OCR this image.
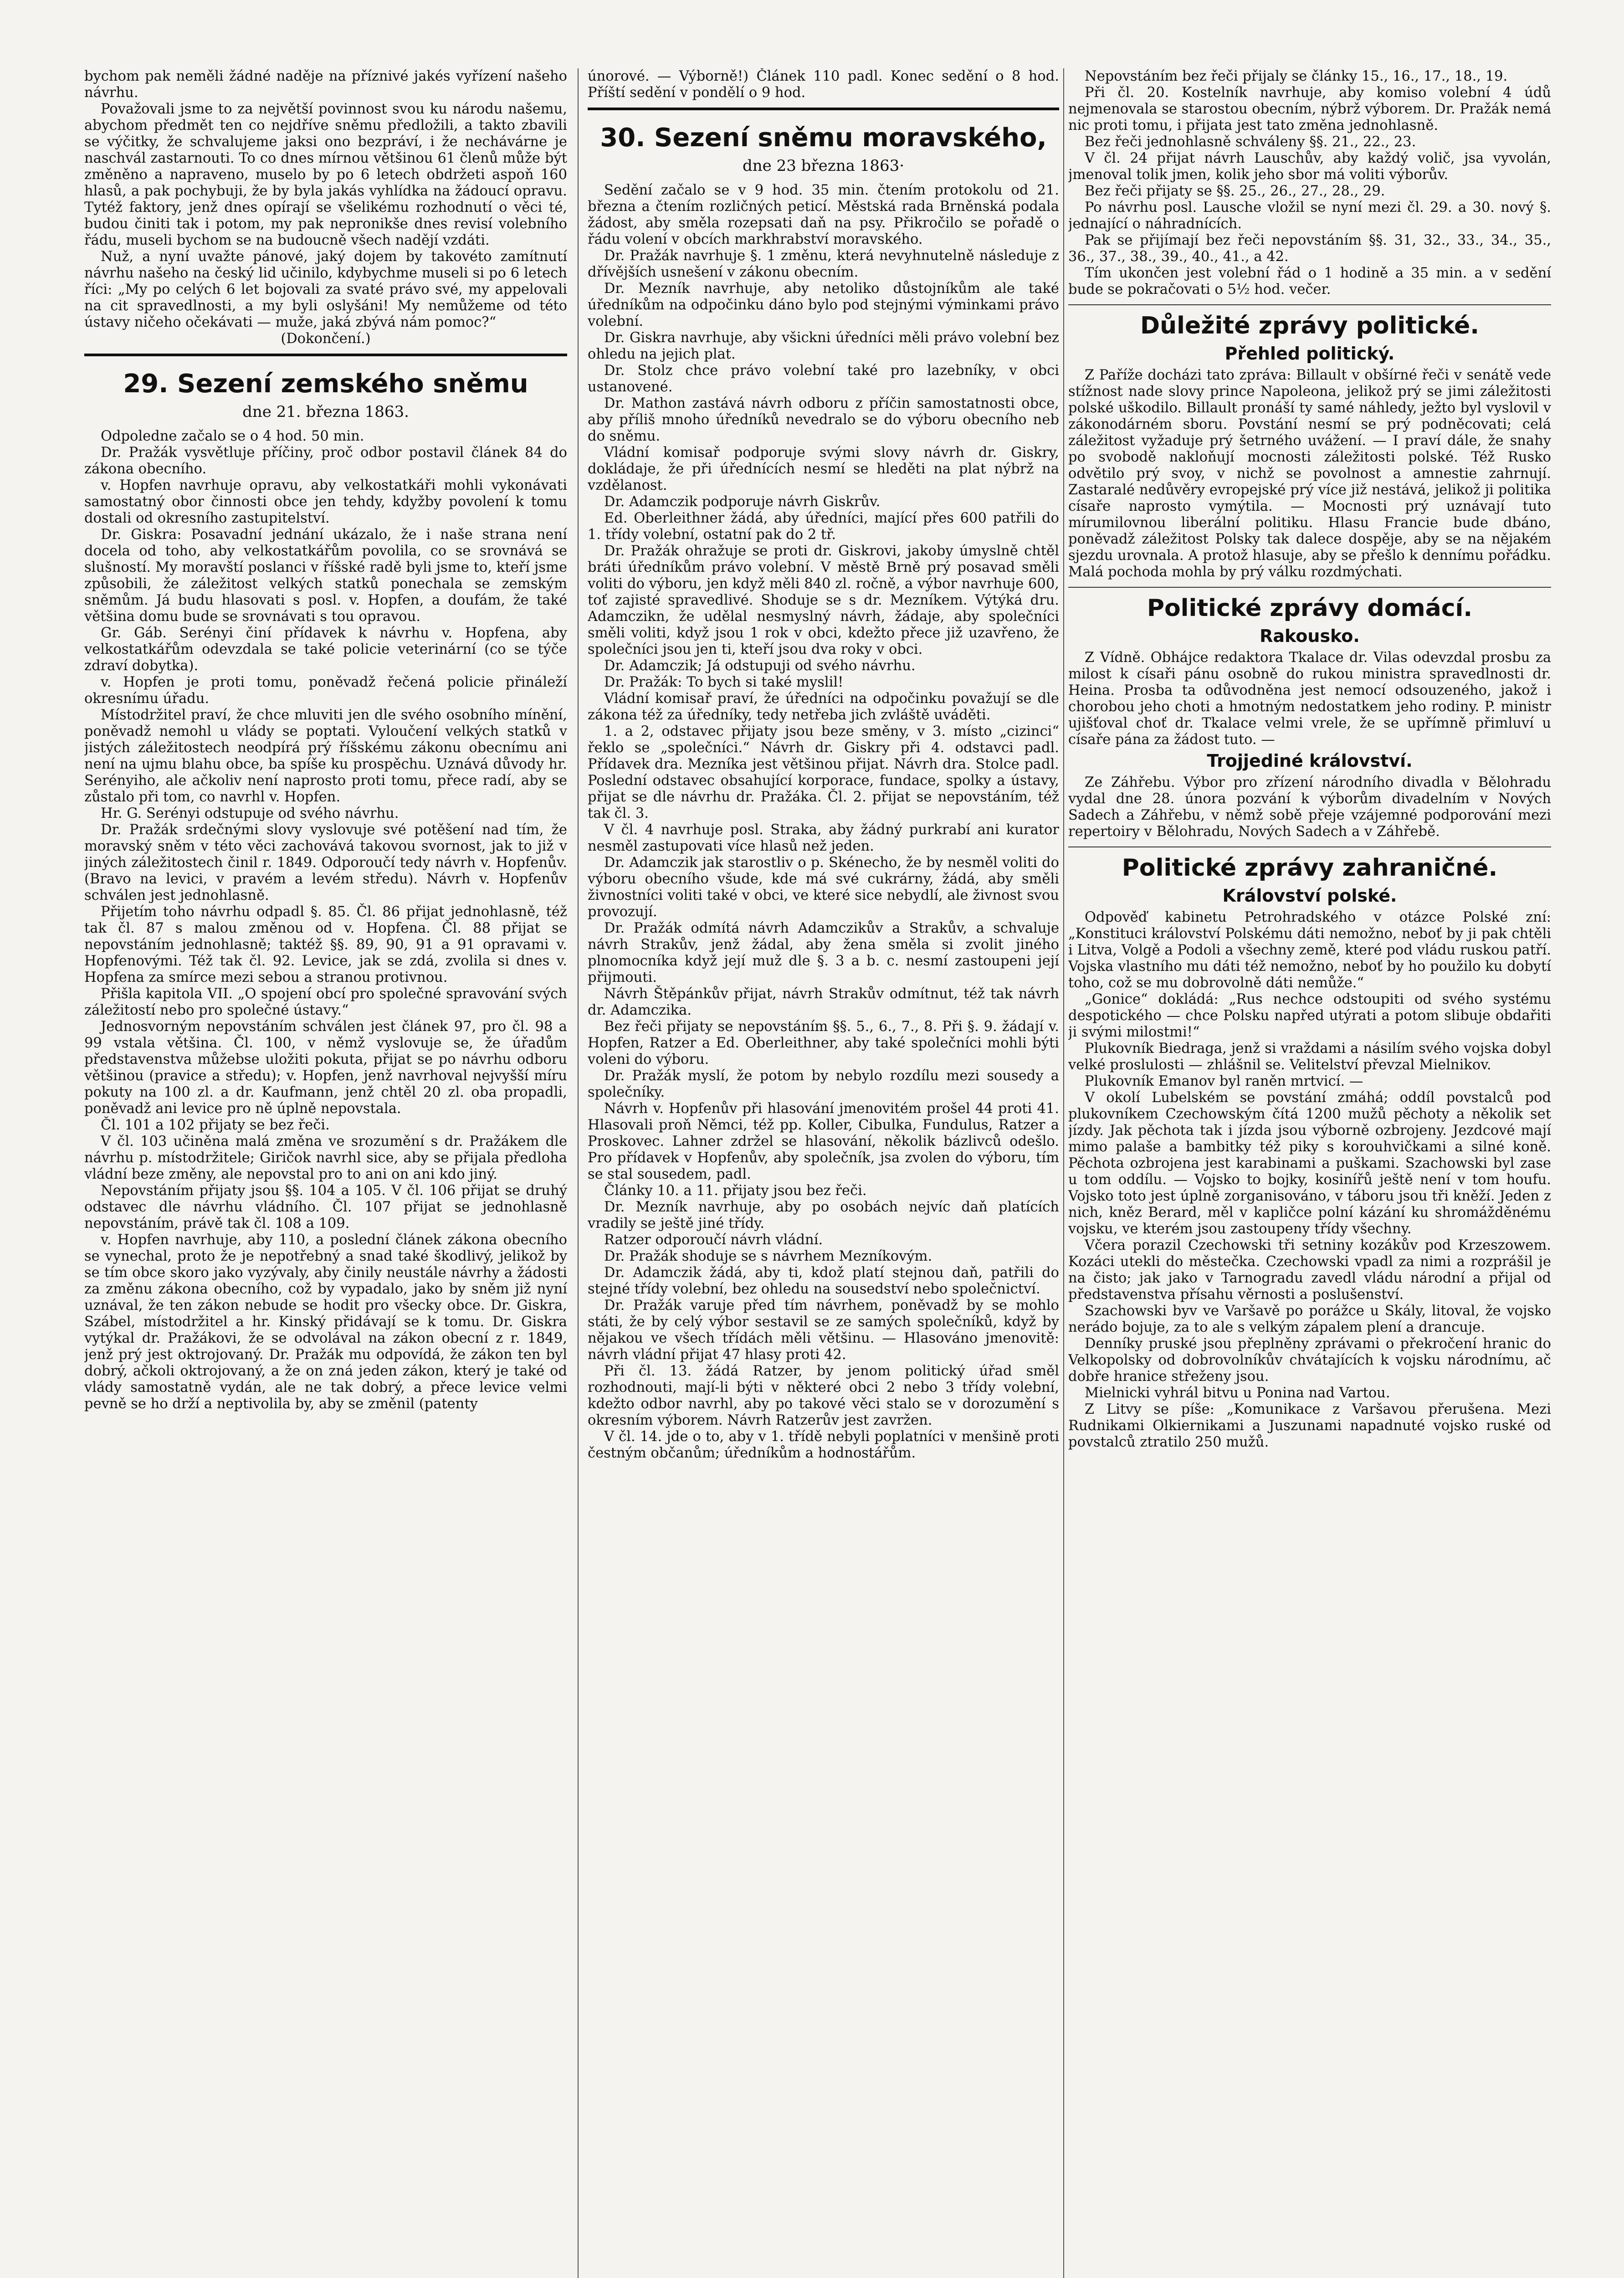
bychom pak neměli žádné naděje na příznivé jakés vyřízení našeho návrhu.

Považovali jsme to za největší povinnost svou ku národu našemu, abychom předmět ten co nejdříve sněmu předložili, a takto zbavili se výčitky, že schvalujeme jaksi ono bezpráví, i že nechávárne je naschvál zastarnouti. To co dnes mírnou většinou 61 členů může být změněno a napraveno, muselo by po 6 letech obdržeti aspoň 160 hlasů, a pak pochybuji, že by byla jakás vyhlídka na žádoucí opravu. Tytéž faktory, jenž dnes opírají se všelikému rozhodnutí o věci té, budou činiti tak i potom, my pak nepronikše dnes revisí volebního řádu, museli bychom se na budoucně všech nadějí vzdáti.

Nuž, a nyní uvažte pánové, jaký dojem by takovéto zamítnutí návrhu našeho na český lid učinilo, kdybychme museli si po 6 letech říci: „My po celých 6 let bojovali za svaté právo své, my appelovali na cit spravedlnosti, a my byli oslyšáni! My nemůžeme od této ústavy ničeho očekávati — muže, jaká zbývá nám pomoc?“

(Dokončení.)

29. Sezení zemského sněmu
dne 21. března 1863.

Odpoledne začalo se o 4 hod. 50 min.

Dr. Pražák vysvětluje příčiny, proč odbor postavil článek 84 do zákona obecního.

v. Hopfen navrhuje opravu, aby velkostatkáři mohli vykonávati samostatný obor činnosti obce jen tehdy, kdyžby povolení k tomu dostali od okresního zastupitelství.

Dr. Giskra: Posavadní jednání ukázalo, že i naše strana není docela od toho, aby velkostatkářům povolila, co se srovnává se slušností. My moravští poslanci v říšské radě byli jsme to, kteří jsme způsobili, že záležitost velkých statků ponechala se zemským sněmům. Já budu hlasovati s posl. v. Hopfen, a doufám, že také většina domu bude se srovnávati s tou opravou.

Gr. Gáb. Serényi činí přídavek k návrhu v. Hopfena, aby velkostatkářům odevzdala se také policie veterinární (co se týče zdraví dobytka).

v. Hopfen je proti tomu, poněvadž řečená policie přináleží okresnímu úřadu.

Místodržitel praví, že chce mluviti jen dle svého osobního mínění, poněvadž nemohl u vlády se poptati. Vyloučení velkých statků v jistých záležitostech neodpírá prý říšskému zákonu obecnímu ani není na ujmu blahu obce, ba spíše ku prospěchu. Uznává důvody hr. Serényiho, ale ačkoliv není naprosto proti tomu, přece radí, aby se zůstalo při tom, co navrhl v. Hopfen.

Hr. G. Serényi odstupuje od svého návrhu.

Dr. Pražák srdečnými slovy vyslovuje své potěšení nad tím, že moravský sněm v této věci zachovává takovou svornost, jak to již v jiných záležitostech činil r. 1849. Odporoučí tedy návrh v. Hopfenův. (Bravo na levici, v pravém a levém středu). Návrh v. Hopfenův schválen jest jednohlasně.

Přijetím toho návrhu odpadl §. 85. Čl. 86 přijat jednohlasně, též tak čl. 87 s malou změnou od v. Hopfena. Čl. 88 přijat se nepovstáním jednohlasně; taktéž §§. 89, 90, 91 a 91 opravami v. Hopfenovými. Též tak čl. 92. Levice, jak se zdá, zvolila si dnes v. Hopfena za smírce mezi sebou a stranou protivnou.

Přišla kapitola VII. „O spojení obcí pro společné spravování svých záležitostí nebo pro společné ústavy.“

Jednosvorným nepovstáním schválen jest článek 97, pro čl. 98 a 99 vstala většina. Čl. 100, v němž vyslovuje se, že úřadům představenstva můžebse uložiti pokuta, přijat se po návrhu odboru většinou (pravice a středu); v. Hopfen, jenž navrhoval nejvyšší míru pokuty na 100 zl. a dr. Kaufmann, jenž chtěl 20 zl. oba propadli, poněvadž ani levice pro ně úplně nepovstala.

Čl. 101 a 102 přijaty se bez řeči.

V čl. 103 učiněna malá změna ve srozumění s dr. Pražákem dle návrhu p. místodržitele; Giričok navrhl sice, aby se přijala předloha vládní beze změny, ale nepovstal pro to ani on ani kdo jiný.

Nepovstáním přijaty jsou §§. 104 a 105. V čl. 106 přijat se druhý odstavec dle návrhu vládního. Čl. 107 přijat se jednohlasně nepovstáním, právě tak čl. 108 a 109.

v. Hopfen navrhuje, aby 110, a poslední článek zákona obecního se vynechal, proto že je nepotřebný a snad také škodlivý, jelikož by se tím obce skoro jako vyzývaly, aby činily neustále návrhy a žádosti za změnu zákona obecního, což by vypadalo, jako by sněm již nyní uznával, že ten zákon nebude se hodit pro všecky obce. Dr. Giskra, Szábel, místodržitel a hr. Kinský přidávají se k tomu. Dr. Giskra vytýkal dr. Pražákovi, že se odvolával na zákon obecní z r. 1849, jenž prý jest oktrojovaný. Dr. Pražák mu odpovídá, že zákon ten byl dobrý, ačkoli oktrojovaný, a že on zná jeden zákon, který je také od vlády samostatně vydán, ale ne tak dobrý, a přece levice velmi pevně se ho drží a neptivolila by, aby se změnil (patenty

únorové. — Výborně!) Článek 110 padl. Konec sedění o 8 hod. Příští sedění v pondělí o 9 hod.

30. Sezení sněmu moravského,
dne 23 března 1863·

Sedění začalo se v 9 hod. 35 min. čtením protokolu od 21. března a čtením rozličných peticí. Městská rada Brněnská podala žádost, aby směla rozepsati daň na psy. Přikročilo se pořadě o řádu volení v obcích markhrabství moravského.

Dr. Pražák navrhuje §. 1 změnu, která nevyhnutelně následuje z dřívějších usnešení v zákonu obecním.

Dr. Mezník navrhuje, aby netoliko důstojníkům ale také úředníkům na odpočinku dáno bylo pod stejnými výminkami právo volební.

Dr. Giskra navrhuje, aby všickni úředníci měli právo volební bez ohledu na jejich plat.

Dr. Stolz chce právo volební také pro lazebníky, v obci ustanovené.

Dr. Mathon zastává návrh odboru z příčin samostatnosti obce, aby příliš mnoho úředníků nevedralo se do výboru obecního neb do sněmu.

Vládní komisař podporuje svými slovy návrh dr. Giskry, dokládaje, že při úřednících nesmí se hleděti na plat nýbrž na vzdělanost.

Dr. Adamczik podporuje návrh Giskrův.

Ed. Oberleithner žádá, aby úředníci, mající přes 600 patřili do 1. třídy volební, ostatní pak do 2 tř.

Dr. Pražák ohražuje se proti dr. Giskrovi, jakoby úmyslně chtěl bráti úředníkům právo volební. V městě Brně prý posavad směli voliti do výboru, jen když měli 840 zl. ročně, a výbor navrhuje 600, toť zajisté spravedlivé. Shoduje se s dr. Mezníkem. Výtýká dru. Adamczikn, že udělal nesmyslný návrh, žádaje, aby společníci směli voliti, když jsou 1 rok v obci, kdežto přece již uzavřeno, že společníci jsou jen ti, kteří jsou dva roky v obci.

Dr. Adamczik; Já odstupuji od svého návrhu.

Dr. Pražák: To bych si také myslil!

Vládní komisař praví, že úředníci na odpočinku považují se dle zákona též za úředníky, tedy netřeba jich zvláště uváděti.

1. a 2, odstavec přijaty jsou beze směny, v 3. místo „cizinci“ řeklo se „společníci.“ Návrh dr. Giskry při 4. odstavci padl. Přídavek dra. Mezníka jest většinou přijat. Návrh dra. Stolce padl. Poslední odstavec obsahující korporace, fundace, spolky a ústavy, přijat se dle návrhu dr. Pražáka. Čl. 2. přijat se nepovstáním, též tak čl. 3.

V čl. 4 navrhuje posl. Straka, aby žádný purkrabí ani kurator nesměl zastupovati více hlasů než jeden.

Dr. Adamczik jak starostliv o p. Skénecho, že by nesměl voliti do výboru obecního všude, kde má své cukrárny, žádá, aby směli živnostníci voliti také v obci, ve které sice nebydlí, ale živnost svou provozují.

Dr. Pražák odmítá návrh Adamczikův a Strakův, a schvaluje návrh Strakův, jenž žádal, aby žena směla si zvolit jiného plnomocníka když její muž dle §. 3 a b. c. nesmí zastoupeni její přijmouti.

Návrh Štěpánkův přijat, návrh Strakův odmítnut, též tak návrh dr. Adamczika.

Bez řeči přijaty se nepovstáním §§. 5., 6., 7., 8. Při §. 9. žádají v. Hopfen, Ratzer a Ed. Oberleithner, aby také společníci mohli býti voleni do výboru.

Dr. Pražák myslí, že potom by nebylo rozdílu mezi sousedy a společníky.

Návrh v. Hopfenův při hlasování jmenovitém prošel 44 proti 41. Hlasovali proň Němci, též pp. Koller, Cibulka, Fundulus, Ratzer a Proskovec. Lahner zdržel se hlasování, několik bázlivců odešlo. Pro přídavek v Hopfenův, aby společník, jsa zvolen do výboru, tím se stal sousedem, padl.

Články 10. a 11. přijaty jsou bez řeči.

Dr. Mezník navrhuje, aby po osobách nejvíc daň platících vradily se ještě jiné třídy.

Ratzer odporoučí návrh vládní.

Dr. Pražák shoduje se s návrhem Mezníkovým.

Dr. Adamczik žádá, aby ti, kdož platí stejnou daň, patřili do stejné třídy volební, bez ohledu na sousedství nebo společnictví.

Dr. Pražák varuje před tím návrhem, poněvadž by se mohlo státi, že by celý výbor sestavil se ze samých společníků, když by nějakou ve všech třídách měli většinu. — Hlasováno jmenovitě: návrh vládní přijat 47 hlasy proti 42.

Při čl. 13. žádá Ratzer, by jenom politický úřad směl rozhodnouti, mají-li býti v některé obci 2 nebo 3 třídy volební, kdežto odbor navrhl, aby po takové věci stalo se v dorozumění s okresním výborem. Návrh Ratzerův jest zavržen.

V čl. 14. jde o to, aby v 1. třídě nebyli poplatníci v menšině proti čestným občanům; úředníkům a hodnostářům.

Nepovstáním bez řeči přijaly se články 15., 16., 17., 18., 19.

Při čl. 20. Kostelník navrhuje, aby komiso volební 4 údů nejmenovala se starostou obecním, nýbrž výborem. Dr. Pražák nemá nic proti tomu, i přijata jest tato změna jednohlasně.

Bez řeči jednohlasně schváleny §§. 21., 22., 23.

V čl. 24 přijat návrh Lauschův, aby každý volič, jsa vyvolán, jmenoval tolik jmen, kolik jeho sbor má voliti výborův.

Bez řeči přijaty se §§. 25., 26., 27., 28., 29.

Po návrhu posl. Lausche vložil se nyní mezi čl. 29. a 30. nový §. jednající o náhradnících.

Pak se přijímají bez řeči nepovstáním §§. 31, 32., 33., 34., 35., 36., 37., 38., 39., 40., 41., a 42.

Tím ukončen jest volební řád o 1 hodině a 35 min. a v sedění bude se pokračovati o 5½ hod. večer.

Důležité zprávy politické.
Přehled politický.

Z Paříže docházi tato zpráva: Billault v obšírné řeči v senátě vede stížnost nade slovy prince Napoleona, jelikož prý se jimi záležitosti polské uškodilo. Billault pronáší ty samé náhledy, ježto byl vyslovil v zákonodárném sboru. Povstání nesmí se prý podněcovati; celá záležitost vyžaduje prý šetrného uvážení. — I praví dále, že snahy po svobodě nakloňují mocnosti záležitosti polské. Též Rusko odvětilo prý svoy, v nichž se povolnost a amnestie zahrnují. Zastaralé nedůvěry evropejské prý více již nestává, jelikož ji politika císaře naprosto vymýtila. — Mocnosti prý uznávají tuto mírumilovnou liberální politiku. Hlasu Francie bude dbáno, poněvadž záležitost Polsky tak dalece dospěje, aby se na nějakém sjezdu urovnala. A protož hlasuje, aby se přešlo k dennímu pořádku. Malá pochoda mohla by prý válku rozdmýchati.

Politické zprávy domácí.
Rakousko.

Z Vídně. Obhájce redaktora Tkalace dr. Vilas odevzdal prosbu za milost k císaři pánu osobně do rukou ministra spravedlnosti dr. Heina. Prosba ta odůvodněna jest nemocí odsouzeného, jakož i chorobou jeho choti a hmotným nedostatkem jeho rodiny. P. ministr ujišťoval choť dr. Tkalace velmi vrele, že se upřímně přimluví u císaře pána za žádost tuto. —

Trojjediné království.

Ze Záhřebu. Výbor pro zřízení národního divadla v Bělohradu vydal dne 28. února pozvání k výborům divadelním v Nových Sadech a Záhřebu, v němž sobě přeje vzájemné podporování mezi repertoiry v Bělohradu, Nových Sadech a v Záhřebě.

Politické zprávy zahraničné.
Království polské.

Odpověď kabinetu Petrohradského v otázce Polské zní: „Konstituci království Polskému dáti nemožno, neboť by ji pak chtěli i Litva, Volgě a Podoli a všechny země, které pod vládu ruskou patří. Vojska vlastního mu dáti též nemožno, neboť by ho použilo ku dobytí toho, což se mu dobrovolně dáti nemůže.“

„Gonice“ dokládá: „Rus nechce odstoupiti od svého systému despotického — chce Polsku napřed utýrati a potom slibuje obdařiti ji svými milostmi!“

Plukovník Biedraga, jenž si vraždami a násilím svého vojska dobyl velké proslulosti — zhlášnil se. Velitelství převzal Mielnikov.

Plukovník Emanov byl raněn mrtvicí. —

V okolí Lubelském se povstání zmáhá; oddíl povstalců pod plukovníkem Czechowským čítá 1200 mužů pěchoty a několik set jízdy. Jak pěchota tak i jízda jsou výborně ozbrojeny. Jezdcové mají mimo palaše a bambitky též piky s korouhvičkami a silné koně. Pěchota ozbrojena jest karabinami a puškami. Szachowski byl zase u tom oddílu. — Vojsko to bojky, kosinířů ještě není v tom houfu. Vojsko toto jest úplně zorganisováno, v táboru jsou tři kněží. Jeden z nich, kněz Berard, měl v kapličce polní kázání ku shromážděnému vojsku, ve kterém jsou zastoupeny třídy všechny.

Včera porazil Czechowski tři setniny kozákův pod Krzeszowem. Kozáci utekli do městečka. Czechowski vpadl za nimi a rozprášil je na čisto; jak jako v Tarnogradu zavedl vládu národní a přijal od představenstva přísahu věrnosti a poslušenství.

Szachowski byv ve Varšavě po porážce u Skály, litoval, že vojsko nerádo bojuje, za to ale s velkým zápalem plení a drancuje.

Denníky pruské jsou přeplněny zprávami o překročení hranic do Velkopolsky od dobrovolníkův chvátajících k vojsku národnímu, ač dobře hranice střeženy jsou.

Mielnicki vyhrál bitvu u Ponina nad Vartou.

Z Litvy se píše: „Komunikace z Varšavou přerušena. Mezi Rudnikami Olkiernikami a Juszunami napadnuté vojsko ruské od povstalců ztratilo 250 mužů.
